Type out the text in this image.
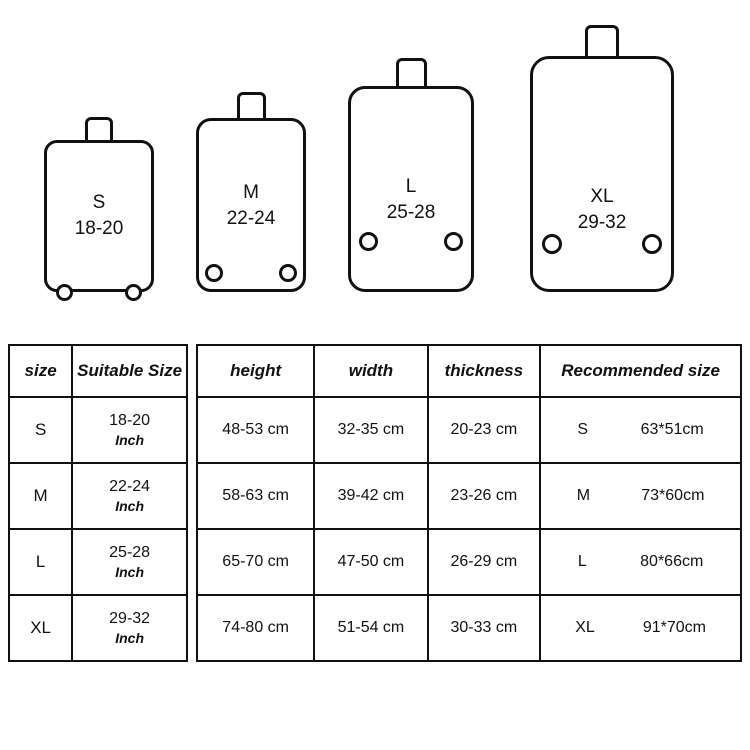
S
18-20
M
22-24
L
25-28
XL
29-32
size	Suitable Size
S	18-20
Inch

M	22-24
Inch

L	25-28
Inch

XL	29-32
Inch
height	width	thickness	Recommended size
48-53 cm	32-35 cm	20-23 cm	S 63*51cm

58-63 cm	39-42 cm	23-26 cm	M 73*60cm

65-70 cm	47-50 cm	26-29 cm	L 80*66cm

74-80 cm	51-54 cm	30-33 cm	XL 91*70cm
